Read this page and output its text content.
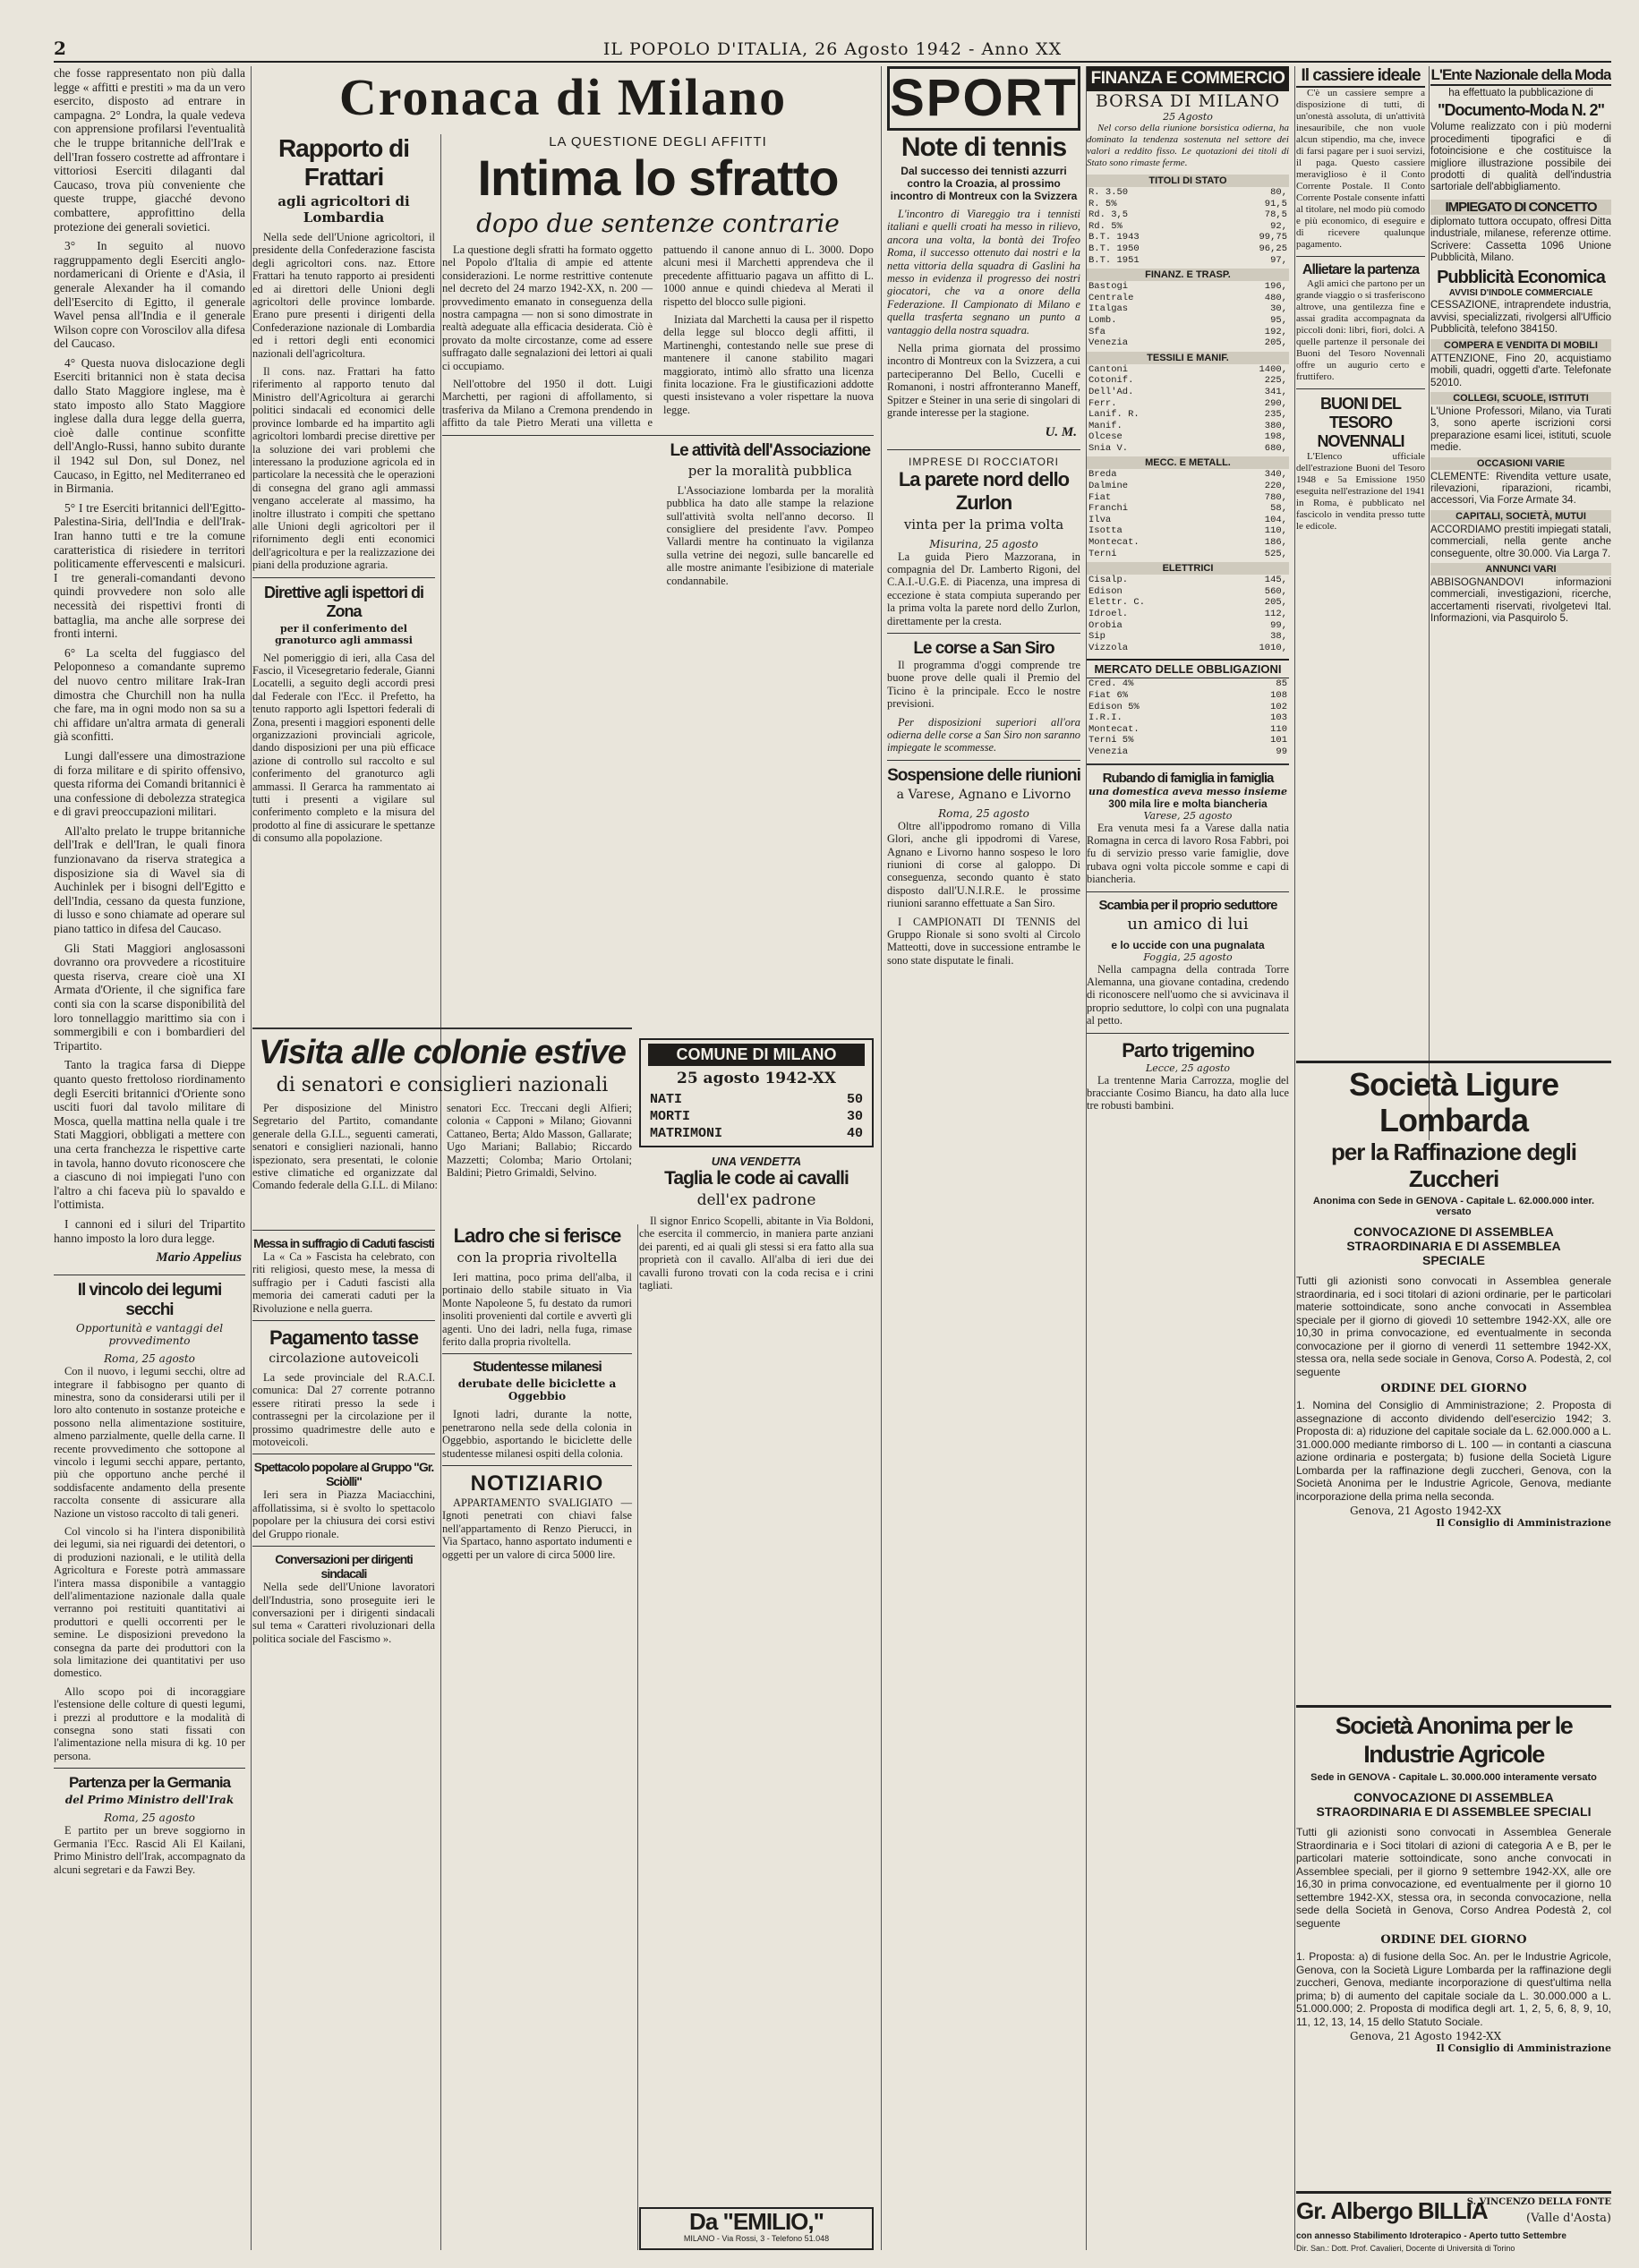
2	IL POPOLO D'ITALIA, 26 Agosto 1942 - Anno XX

che fosse rappresentato non più dalla legge « affitti e prestiti » ma da un vero esercito, disposto ad entrare in campagna. 2° Londra, la quale vedeva con apprensione profilarsi l'eventualità che le truppe britanniche dell'Irak e dell'Iran fossero costrette ad affrontare i vittoriosi Eserciti dilaganti dal Caucaso, trova più conveniente che queste truppe, giacché devono combattere, approfittino della protezione dei generali sovietici.

3° In seguito al nuovo raggruppamento degli Eserciti anglo-nordamericani di Oriente e d'Asia, il generale Alexander ha il comando dell'Esercito di Egitto, il generale Wavel pensa all'India e il generale Wilson copre con Voroscilov alla difesa del Caucaso.

4° Questa nuova dislocazione degli Eserciti britannici non è stata decisa dallo Stato Maggiore inglese, ma è stato imposto allo Stato Maggiore inglese dalla dura legge della guerra, cioè dalle continue sconfitte dell'Anglo-Russi, hanno subito durante il 1942 sul Don, sul Donez, nel Caucaso, in Egitto, nel Mediterraneo ed in Birmania.

5° I tre Eserciti britannici dell'Egitto-Palestina-Siria, dell'India e dell'Irak-Iran hanno tutti e tre la comune caratteristica di risiedere in territori politicamente effervescenti e malsicuri. I tre generali-comandanti devono quindi provvedere non solo alle necessità dei rispettivi fronti di battaglia, ma anche alle sorprese dei fronti interni.

6° La scelta del fuggiasco del Peloponneso a comandante supremo del nuovo centro militare Irak-Iran dimostra che Churchill non ha nulla che fare, ma in ogni modo non sa su a chi affidare un'altra armata di generali già sconfitti.

Lungi dall'essere una dimostrazione di forza militare e di spirito offensivo, questa riforma dei Comandi britannici è una confessione di debolezza strategica e di gravi preoccupazioni militari.

All'alto prelato le truppe britanniche dell'Irak e dell'Iran, le quali finora funzionavano da riserva strategica a disposizione sia di Wavel sia di Auchinlek per i bisogni dell'Egitto e dell'India, cessano da questa funzione, di lusso e sono chiamate ad operare sul piano tattico in difesa del Caucaso.

Gli Stati Maggiori anglosassoni dovranno ora provvedere a ricostituire questa riserva, creare cioè una XI Armata d'Oriente, il che significa fare conti sia con la scarse disponibilità del loro tonnellaggio marittimo sia con i sommergibili e con i bombardieri del Tripartito.

Tanto la tragica farsa di Dieppe quanto questo frettoloso riordinamento degli Eserciti britannici d'Oriente sono usciti fuori dal tavolo militare di Mosca, quella mattina nella quale i tre Stati Maggiori, obbligati a mettere con una certa franchezza le rispettive carte in tavola, hanno dovuto riconoscere che a ciascuno di noi impiegati l'uno con l'altro a chi faceva più lo spavaldo e l'ottimista.

I cannoni ed i siluri del Tripartito hanno imposto la loro dura legge.

Mario Appelius
Il vincolo dei legumi secchi
Opportunità e vantaggi del provvedimento
Roma, 25 agosto

Con il nuovo, i legumi secchi, oltre ad integrare il fabbisogno per quanto di minestra, sono da considerarsi utili per il loro alto contenuto in sostanze proteiche e possono nella alimentazione sostituire, almeno parzialmente, quelle della carne. Il recente provvedimento che sottopone al vincolo i legumi secchi appare, pertanto, più che opportuno anche perché il soddisfacente andamento della presente raccolta consente di assicurare alla Nazione un vistoso raccolto di tali generi.

Col vincolo si ha l'intera disponibilità dei legumi, sia nei riguardi dei detentori, o di produzioni nazionali, e le utilità della Agricoltura e Foreste potrà ammassare l'intera massa disponibile a vantaggio dell'alimentazione nazionale dalla quale verranno poi restituiti quantitativi ai produttori e quelli occorrenti per le semine. Le disposizioni prevedono la consegna da parte dei produttori con la sola limitazione dei quantitativi per uso domestico.

Allo scopo poi di incoraggiare l'estensione delle colture di questi legumi, i prezzi al produttore e la modalità di consegna sono stati fissati con l'alimentazione nella misura di kg. 10 per persona.

Partenza per la Germania
del Primo Ministro dell'Irak
Roma, 25 agosto

E partito per un breve soggiorno in Germania l'Ecc. Rascid Ali El Kailani, Primo Ministro dell'Irak, accompagnato da alcuni segretari e da Fawzi Bey.

Cronaca di Milano
Rapporto di Frattari
agli agricoltori di Lombardia

Nella sede dell'Unione agricoltori, il presidente della Confederazione fascista degli agricoltori cons. naz. Ettore Frattari ha tenuto rapporto ai presidenti ed ai direttori delle Unioni degli agricoltori delle province lombarde. Erano pure presenti i dirigenti della Confederazione nazionale di Lombardia ed i rettori degli enti economici nazionali dell'agricoltura.

Il cons. naz. Frattari ha fatto riferimento al rapporto tenuto dal Ministro dell'Agricoltura ai gerarchi politici sindacali ed economici delle province lombarde ed ha impartito agli agricoltori lombardi precise direttive per la soluzione dei vari problemi che interessano la produzione agricola ed in particolare la necessità che le operazioni di consegna del grano agli ammassi vengano accelerate al massimo, ha inoltre illustrato i compiti che spettano alle Unioni degli agricoltori per il rifornimento degli enti economici dell'agricoltura e per la realizzazione dei piani della produzione agraria.

Direttive agli ispettori di Zona
per il conferimento del granoturco agli ammassi

Nel pomeriggio di ieri, alla Casa del Fascio, il Vicesegretario federale, Gianni Locatelli, a seguito degli accordi presi dal Federale con l'Ecc. il Prefetto, ha tenuto rapporto agli Ispettori federali di Zona, presenti i maggiori esponenti delle organizzazioni provinciali agricole, dando disposizioni per una più efficace azione di controllo sul raccolto e sul conferimento del granoturco agli ammassi. Il Gerarca ha rammentato ai tutti i presenti a vigilare sul conferimento completo e la misura del prodotto al fine di assicurare le spettanze di consumo alla popolazione.

Visita alle colonie estive
di senatori e consiglieri nazionali

Per disposizione del Ministro Segretario del Partito, comandante generale della G.I.L., seguenti camerati, senatori e consiglieri nazionali, hanno ispezionato, sera presentati, le colonie estive climatiche ed organizzate dal Comando federale della G.I.L. di Milano: senatori Ecc. Treccani degli Alfieri; colonia « Capponi » Milano; Giovanni Cattaneo, Berta; Aldo Masson, Gallarate; Ugo Mariani; Ballabio; Riccardo Mazzetti; Colomba; Mario Ortolani; Baldini; Pietro Grimaldi, Selvino.

Messa in suffragio di Caduti fascisti

La « Ca » Fascista ha celebrato, con riti religiosi, questo mese, la messa di suffragio per i Caduti fascisti alla memoria dei camerati caduti per la Rivoluzione e nella guerra.

Pagamento tasse
circolazione autoveicoli

La sede provinciale del R.A.C.I. comunica: Dal 27 corrente potranno essere ritirati presso la sede i contrassegni per la circolazione per il prossimo quadrimestre delle auto e motoveicoli.

Spettacolo popolare al Gruppo "Gr. Sciòlli"

Ieri sera in Piazza Maciacchini, affollatissima, si è svolto lo spettacolo popolare per la chiusura dei corsi estivi del Gruppo rionale.

Conversazioni per dirigenti sindacali

Nella sede dell'Unione lavoratori dell'Industria, sono proseguite ieri le conversazioni per i dirigenti sindacali sul tema « Caratteri rivoluzionari della politica sociale del Fascismo ».

LA QUESTIONE DEGLI AFFITTI
Intima lo sfratto
dopo due sentenze contrarie

La questione degli sfratti ha formato oggetto nel Popolo d'Italia di ampie ed attente considerazioni. Le norme restrittive contenute nel decreto del 24 marzo 1942-XX, n. 200 — provvedimento emanato in conseguenza della nostra campagna — non si sono dimostrate in realtà adeguate alla efficacia desiderata. Ciò è provato da molte circostanze, come ad essere suffragato dalle segnalazioni dei lettori ai quali ci occupiamo.

Nell'ottobre del 1950 il dott. Luigi Marchetti, per ragioni di affollamento, si trasferiva da Milano a Cremona prendendo in affitto da tale Pietro Merati una villetta e pattuendo il canone annuo di L. 3000. Dopo alcuni mesi il Marchetti apprendeva che il precedente affittuario pagava un affitto di L. 1000 annue e quindi chiedeva al Merati il rispetto del blocco sulle pigioni.

Iniziata dal Marchetti la causa per il rispetto della legge sul blocco degli affitti, il Martinenghi, contestando nelle sue prese di mantenere il canone stabilito magari maggiorato, intimò allo sfratto una licenza finita locazione. Fra le giustificazioni addotte questi insistevano a voler rispettare la nuova legge.

Le attività dell'Associazione
per la moralità pubblica

L'Associazione lombarda per la moralità pubblica ha dato alle stampe la relazione sull'attività svolta nell'anno decorso. Il consigliere del presidente l'avv. Pompeo Vallardi mentre ha continuato la vigilanza sulla vetrine dei negozi, sulle bancarelle ed alle mostre animante l'esibizione di materiale condannabile.

Ladro che si ferisce
con la propria rivoltella

Ieri mattina, poco prima dell'alba, il portinaio dello stabile situato in Via Monte Napoleone 5, fu destato da rumori insoliti provenienti dal cortile e avvertì gli agenti. Uno dei ladri, nella fuga, rimase ferito dalla propria rivoltella.

Studentesse milanesi
derubate delle biciclette a Oggebbio

Ignoti ladri, durante la notte, penetrarono nella sede della colonia in Oggebbio, asportando le biciclette delle studentesse milanesi ospiti della colonia.

NOTIZIARIO

APPARTAMENTO SVALIGIATO — Ignoti penetrati con chiavi false nell'appartamento di Renzo Pierucci, in Via Spartaco, hanno asportato indumenti e oggetti per un valore di circa 5000 lire.

COMUNE DI MILANO
25 agosto 1942-XX
NATI	50
MORTI	30
MATRIMONI	40
UNA VENDETTA
Taglia le code ai cavalli
dell'ex padrone

Il signor Enrico Scopelli, abitante in Via Boldoni, che esercita il commercio, in maniera parte anziani dei parenti, ed ai quali gli stessi si era fatto alla sua proprietà con il cavallo. All'alba di ieri due dei cavalli furono trovati con la coda recisa e i crini tagliati.

SPORT
Note di tennis
Dal successo dei tennisti azzurri contro la Croazia, al prossimo incontro di Montreux con la Svizzera

L'incontro di Viareggio tra i tennisti italiani e quelli croati ha messo in rilievo, ancora una volta, la bontà dei Trofeo Roma, il successo ottenuto dai nostri e la netta vittoria della squadra di Gaslini ha messo in evidenza il progresso dei nostri giocatori, che va a onore della Federazione. Il Campionato di Milano e quella trasferta segnano un punto a vantaggio della nostra squadra.

Nella prima giornata del prossimo incontro di Montreux con la Svizzera, a cui parteciperanno Del Bello, Cucelli e Romanoni, i nostri affronteranno Maneff, Spitzer e Steiner in una serie di singolari di grande interesse per la stagione.

U. M.
IMPRESE DI ROCCIATORI
La parete nord dello Zurlon
vinta per la prima volta
Misurina, 25 agosto

La guida Piero Mazzorana, in compagnia del Dr. Lamberto Rigoni, del C.A.I.-U.G.E. di Piacenza, una impresa di eccezione è stata compiuta superando per la prima volta la parete nord dello Zurlon, direttamente per la cresta.

Le corse a San Siro

Il programma d'oggi comprende tre buone prove delle quali il Premio del Ticino è la principale. Ecco le nostre previsioni.

Per disposizioni superiori all'ora odierna delle corse a San Siro non saranno impiegate le scommesse.

Sospensione delle riunioni
a Varese, Agnano e Livorno
Roma, 25 agosto

Oltre all'ippodromo romano di Villa Glori, anche gli ippodromi di Varese, Agnano e Livorno hanno sospeso le loro riunioni di corse al galoppo. Di conseguenza, secondo quanto è stato disposto dall'U.N.I.R.E. le prossime riunioni saranno effettuate a San Siro.

I CAMPIONATI DI TENNIS del Gruppo Rionale si sono svolti al Circolo Matteotti, dove in successione entrambe le sono state disputate le finali.

FINANZA E COMMERCIO
BORSA DI MILANO
25 Agosto

Nel corso della riunione borsistica odierna, ha dominato la tendenza sostenuta nel settore dei valori a reddito fisso. Le quotazioni dei titoli di Stato sono rimaste ferme.

TITOLI DI STATO
R. 3.50	80,
R. 5%	91,5
Rd. 3,5	78,5
Rd. 5%	92,
B.T. 1943	99,75
B.T. 1950	96,25
B.T. 1951	97,
FINANZ. E TRASP.
Bastogi	196,
Centrale	480,
Italgas	30,
Lomb.	95,
Sfa	192,
Venezia	205,
TESSILI E MANIF.
Cantoni	1400,
Cotonif.	225,
Dell'Ad.	341,
Ferr.	290,
Lanif. R.	235,
Manif.	380,
Olcese	198,
Snia V.	680,
MECC. E METALL.
Breda	340,
Dalmine	220,
Fiat	780,
Franchi	58,
Ilva	104,
Isotta	110,
Montecat.	186,
Terni	525,
ELETTRICI
Cisalp.	145,
Edison	560,
Elettr. C.	205,
Idroel.	112,
Orobia	99,
Sip	38,
Vizzola	1010,
MERCATO DELLE OBBLIGAZIONI
Cred. 4%	85
Fiat 6%	108
Edison 5%	102
I.R.I.	103
Montecat.	110
Terni 5%	101
Venezia	99
Rubando di famiglia in famiglia
una domestica aveva messo insieme
300 mila lire e molta biancheria
Varese, 25 agosto

Era venuta mesi fa a Varese dalla natia Romagna in cerca di lavoro Rosa Fabbri, poi fu di servizio presso varie famiglie, dove rubava ogni volta piccole somme e capi di biancheria.

Scambia per il proprio seduttore
un amico di lui
e lo uccide con una pugnalata
Foggia, 25 agosto

Nella campagna della contrada Torre Alemanna, una giovane contadina, credendo di riconoscere nell'uomo che si avvicinava il proprio seduttore, lo colpì con una pugnalata al petto.

Parto trigemino
Lecce, 25 agosto

La trentenne Maria Carrozza, moglie del bracciante Cosimo Biancu, ha dato alla luce tre robusti bambini.

Il cassiere ideale

C'è un cassiere sempre a disposizione di tutti, di un'onestà assoluta, di un'attività inesauribile, che non vuole alcun stipendio, ma che, invece di farsi pagare per i suoi servizi, il paga. Questo cassiere meraviglioso è il Conto Corrente Postale. Il Conto Corrente Postale consente infatti al titolare, nel modo più comodo e più economico, di eseguire e di ricevere qualunque pagamento.

Allietare la partenza

Agli amici che partono per un grande viaggio o si trasferiscono altrove, una gentilezza fine e assai gradita accompagnata da piccoli doni: libri, fiori, dolci. A quelle partenze il personale dei Buoni del Tesoro Novennali offre un augurio certo e fruttifero.

BUONI DEL TESORO NOVENNALI

L'Elenco ufficiale dell'estrazione Buoni del Tesoro 1948 e 5a Emissione 1950 eseguita nell'estrazione del 1941 in Roma, è pubblicato nel fascicolo in vendita presso tutte le edicole.

L'Ente Nazionale della Moda
ha effettuato la pubblicazione di
"Documento-Moda N. 2"

Volume realizzato con i più moderni procedimenti tipografici e di fotoincisione e che costituisce la migliore illustrazione possibile dei prodotti di qualità dell'industria sartoriale dell'abbigliamento.

IMPIEGATO DI CONCETTO

diplomato tuttora occupato, offresi Ditta industriale, milanese, referenze ottime. Scrivere: Cassetta 1096 Unione Pubblicità, Milano.

Pubblicità Economica
AVVISI D'INDOLE COMMERCIALE

CESSAZIONE, intraprendete industria, avvisi, specializzati, rivolgersi all'Ufficio Pubblicità, telefono 384150.

COMPERA E VENDITA DI MOBILI

ATTENZIONE, Fino 20, acquistiamo mobili, quadri, oggetti d'arte. Telefonate 52010.

COLLEGI, SCUOLE, ISTITUTI

L'Unione Professori, Milano, via Turati 3, sono aperte iscrizioni corsi preparazione esami licei, istituti, scuole medie.

OCCASIONI VARIE

CLEMENTE: Rivendita vetture usate, rilevazioni, riparazioni, ricambi, accessori, Via Forze Armate 34.

CAPITALI, SOCIETÀ, MUTUI

ACCORDIAMO prestiti impiegati statali, commerciali, nella gente anche conseguente, oltre 30.000. Via Larga 7.

ANNUNCI VARI

ABBISOGNANDOVI informazioni commerciali, investigazioni, ricerche, accertamenti riservati, rivolgetevi Ital. Informazioni, via Pasquirolo 5.

Società Ligure Lombarda
per la Raffinazione degli Zuccheri
Anonima con Sede in GENOVA - Capitale L. 62.000.000 inter. versato
CONVOCAZIONE DI ASSEMBLEA STRAORDINARIA E DI ASSEMBLEA SPECIALE

Tutti gli azionisti sono convocati in Assemblea generale straordinaria, ed i soci titolari di azioni ordinarie, per le particolari materie sottoindicate, sono anche convocati in Assemblea speciale per il giorno di giovedì 10 settembre 1942-XX, alle ore 10,30 in prima convocazione, ed eventualmente in seconda convocazione per il giorno di venerdì 11 settembre 1942-XX, stessa ora, nella sede sociale in Genova, Corso A. Podestà, 2, col seguente

ORDINE DEL GIORNO

1. Nomina del Consiglio di Amministrazione; 2. Proposta di assegnazione di acconto dividendo dell'esercizio 1942; 3. Proposta di: a) riduzione del capitale sociale da L. 62.000.000 a L. 31.000.000 mediante rimborso di L. 100 — in contanti a ciascuna azione ordinaria e postergata; b) fusione della Società Ligure Lombarda per la raffinazione degli zuccheri, Genova, con la Società Anonima per le Industrie Agricole, Genova, mediante incorporazione della prima nella seconda.

Genova, 21 Agosto 1942-XX
Il Consiglio di Amministrazione
Società Anonima per le Industrie Agricole
Sede in GENOVA - Capitale L. 30.000.000 interamente versato
CONVOCAZIONE DI ASSEMBLEA STRAORDINARIA E DI ASSEMBLEE SPECIALI

Tutti gli azionisti sono convocati in Assemblea Generale Straordinaria e i Soci titolari di azioni di categoria A e B, per le particolari materie sottoindicate, sono anche convocati in Assemblee speciali, per il giorno 9 settembre 1942-XX, alle ore 16,30 in prima convocazione, ed eventualmente per il giorno 10 settembre 1942-XX, stessa ora, in seconda convocazione, nella sede della Società in Genova, Corso Andrea Podestà 2, col seguente

ORDINE DEL GIORNO

1. Proposta: a) di fusione della Soc. An. per le Industrie Agricole, Genova, con la Società Ligure Lombarda per la raffinazione degli zuccheri, Genova, mediante incorporazione di quest'ultima nella prima; b) di aumento del capitale sociale da L. 30.000.000 a L. 51.000.000; 2. Proposta di modifica degli art. 1, 2, 5, 6, 8, 9, 10, 11, 12, 13, 14, 15 dello Statuto Sociale.

Genova, 21 Agosto 1942-XX
Il Consiglio di Amministrazione
Gr. Albergo BILLIA
S. VINCENZO DELLA FONTE
(Valle d'Aosta)
con annesso Stabilimento Idroterapico - Aperto tutto Settembre
Dir. San.: Dott. Prof. Cavalieri, Docente di Università di Torino
Da "EMILIO,"
MILANO - Via Rossi, 3 - Telefono 51.048
